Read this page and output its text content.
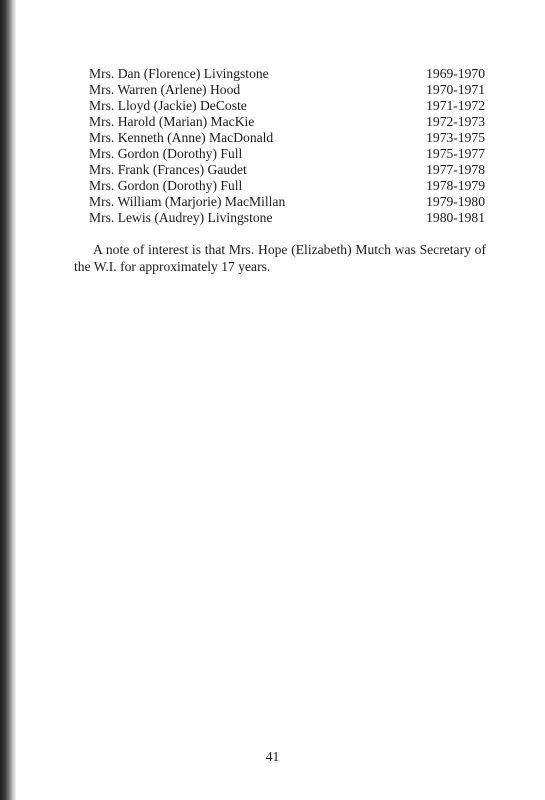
Mrs. Dan (Florence) Livingstone	1969-1970
Mrs. Warren (Arlene) Hood	1970-1971
Mrs. Lloyd (Jackie) DeCoste	1971-1972
Mrs. Harold (Marian) MacKie	1972-1973
Mrs. Kenneth (Anne) MacDonald	1973-1975
Mrs. Gordon (Dorothy) Full	1975-1977
Mrs. Frank (Frances) Gaudet	1977-1978
Mrs. Gordon (Dorothy) Full	1978-1979
Mrs. William (Marjorie) MacMillan	1979-1980
Mrs. Lewis (Audrey) Livingstone	1980-1981

A note of interest is that Mrs. Hope (Elizabeth) Mutch was Secretary of the W.I. for approximately 17 years.

41
